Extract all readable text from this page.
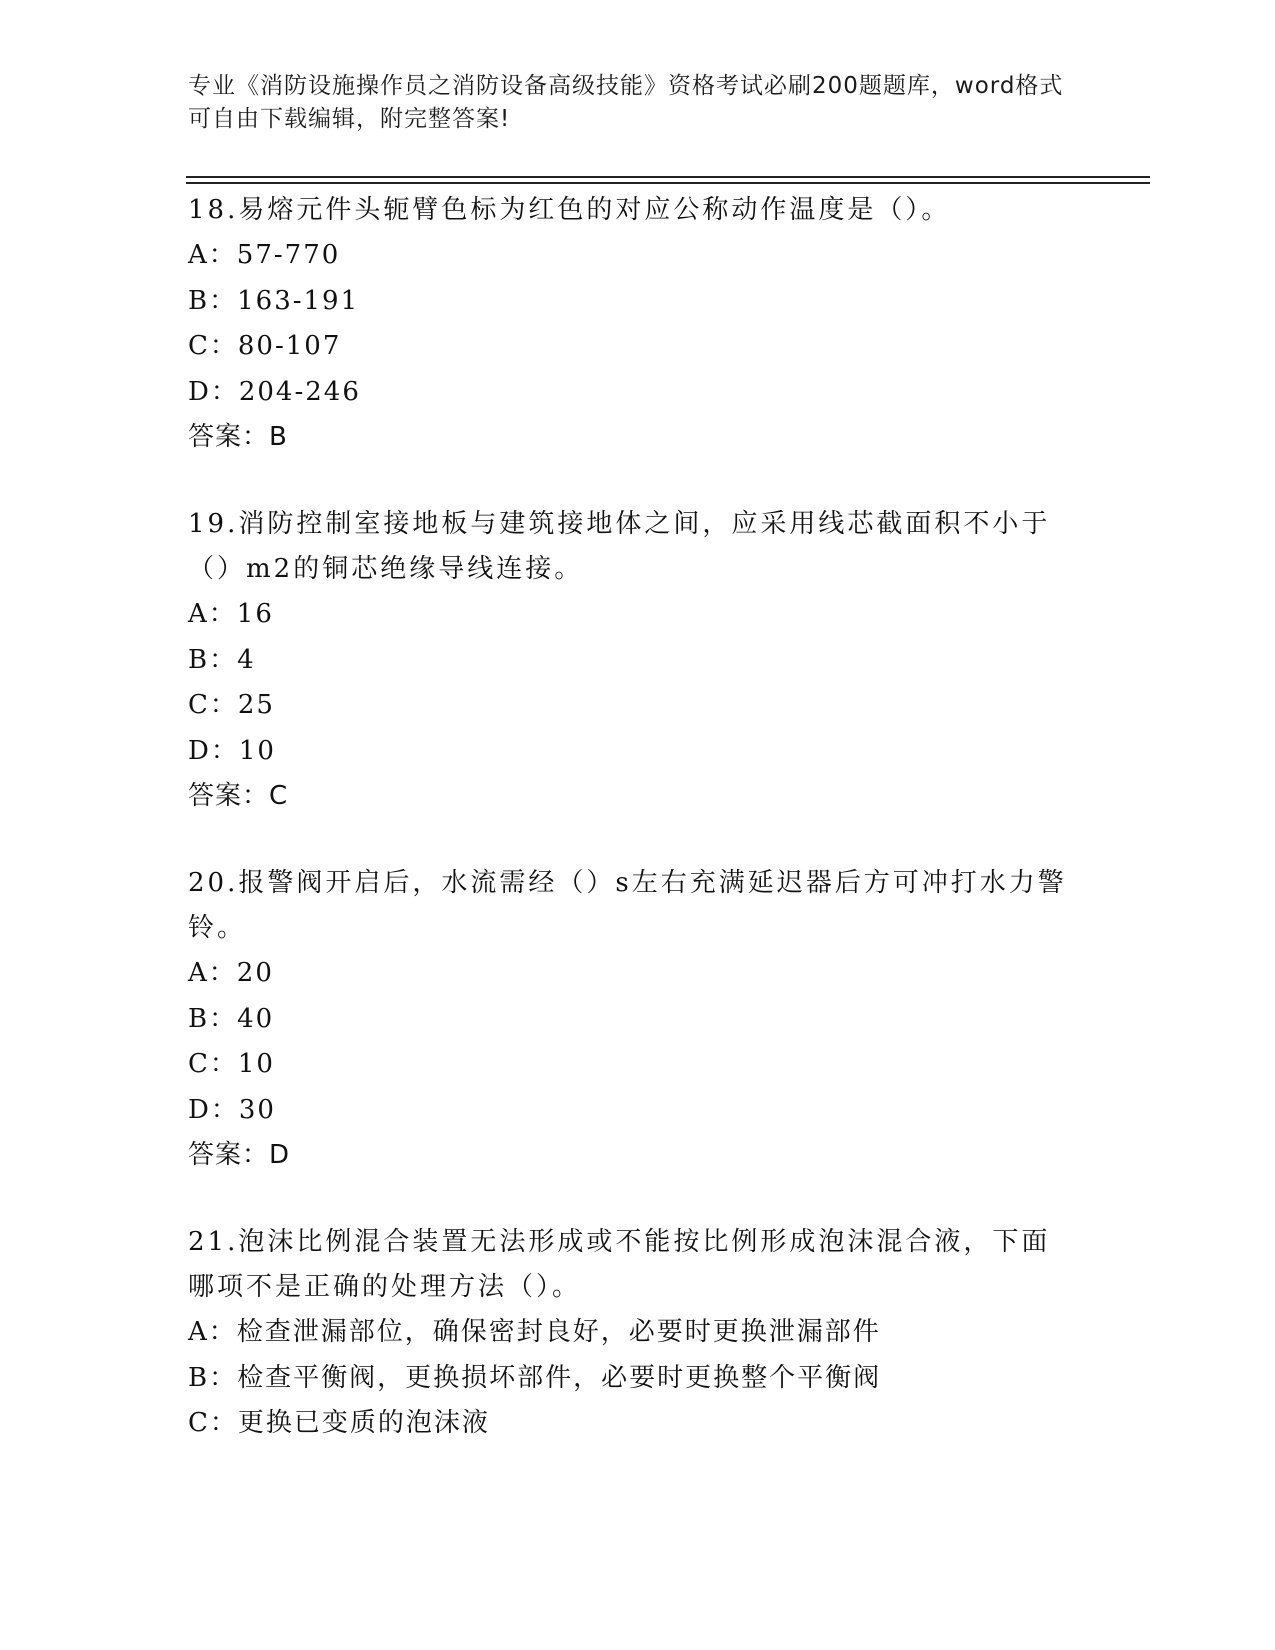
专业《消防设施操作员之消防设备高级技能》资格考试必刷200题题库，word格式可自由下载编辑，附完整答案!

18.易熔元件头轭臂色标为红色的对应公称动作温度是（）。

A：57-770

B：163-191

C：80-107

D：204-246

答案：B

19.消防控制室接地板与建筑接地体之间，应采用线芯截面积不小于（）m2的铜芯绝缘导线连接。

A：16

B：4

C：25

D：10

答案：C

20.报警阀开启后，水流需经（）s左右充满延迟器后方可冲打水力警铃。

A：20

B：40

C：10

D：30

答案：D

21.泡沫比例混合装置无法形成或不能按比例形成泡沫混合液，下面哪项不是正确的处理方法（）。

A：检查泄漏部位，确保密封良好，必要时更换泄漏部件

B：检查平衡阀，更换损坏部件，必要时更换整个平衡阀

C：更换已变质的泡沫液
